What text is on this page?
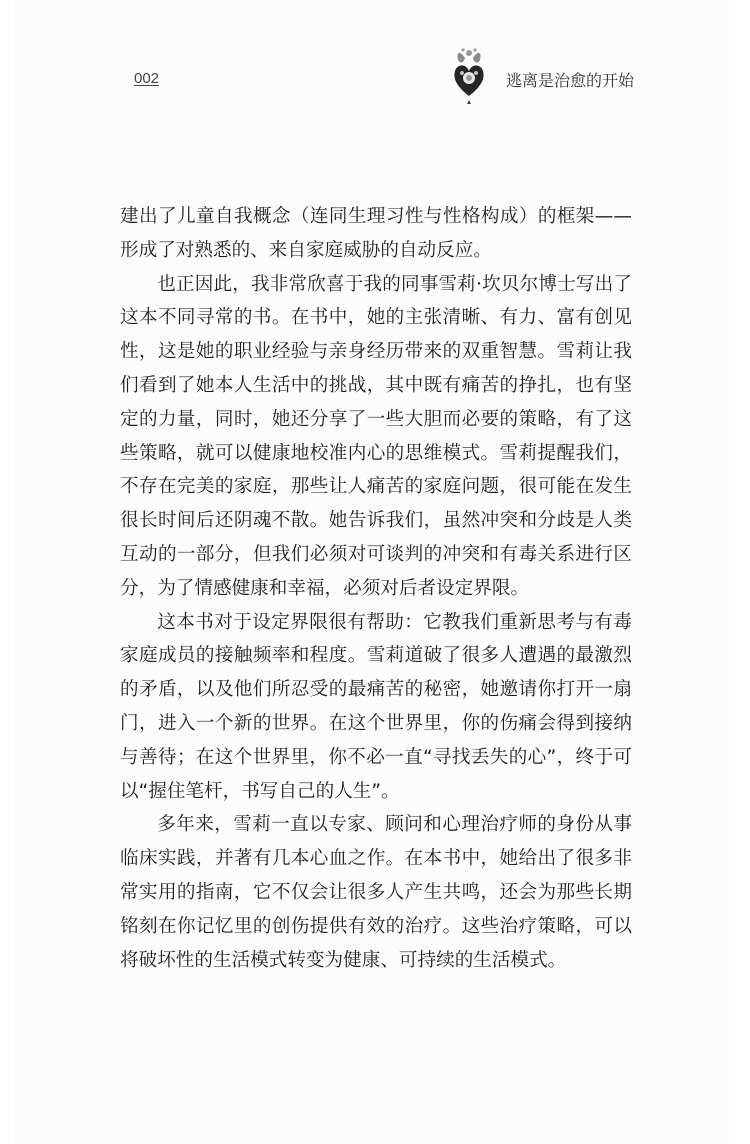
002	逃离是治愈的开始

建出了儿童自我概念（连同生理习性与性格构成）的框架——形成了对熟悉的、来自家庭威胁的自动反应。

也正因此，我非常欣喜于我的同事雪莉·坎贝尔博士写出了这本不同寻常的书。在书中，她的主张清晰、有力、富有创见性，这是她的职业经验与亲身经历带来的双重智慧。雪莉让我们看到了她本人生活中的挑战，其中既有痛苦的挣扎，也有坚定的力量，同时，她还分享了一些大胆而必要的策略，有了这些策略，就可以健康地校准内心的思维模式。雪莉提醒我们，不存在完美的家庭，那些让人痛苦的家庭问题，很可能在发生很长时间后还阴魂不散。她告诉我们，虽然冲突和分歧是人类互动的一部分，但我们必须对可谈判的冲突和有毒关系进行区分，为了情感健康和幸福，必须对后者设定界限。

这本书对于设定界限很有帮助：它教我们重新思考与有毒家庭成员的接触频率和程度。雪莉道破了很多人遭遇的最激烈的矛盾，以及他们所忍受的最痛苦的秘密，她邀请你打开一扇门，进入一个新的世界。在这个世界里，你的伤痛会得到接纳与善待；在这个世界里，你不必一直“寻找丢失的心”，终于可以“握住笔杆，书写自己的人生”。

多年来，雪莉一直以专家、顾问和心理治疗师的身份从事临床实践，并著有几本心血之作。在本书中，她给出了很多非常实用的指南，它不仅会让很多人产生共鸣，还会为那些长期铭刻在你记忆里的创伤提供有效的治疗。这些治疗策略，可以将破坏性的生活模式转变为健康、可持续的生活模式。
